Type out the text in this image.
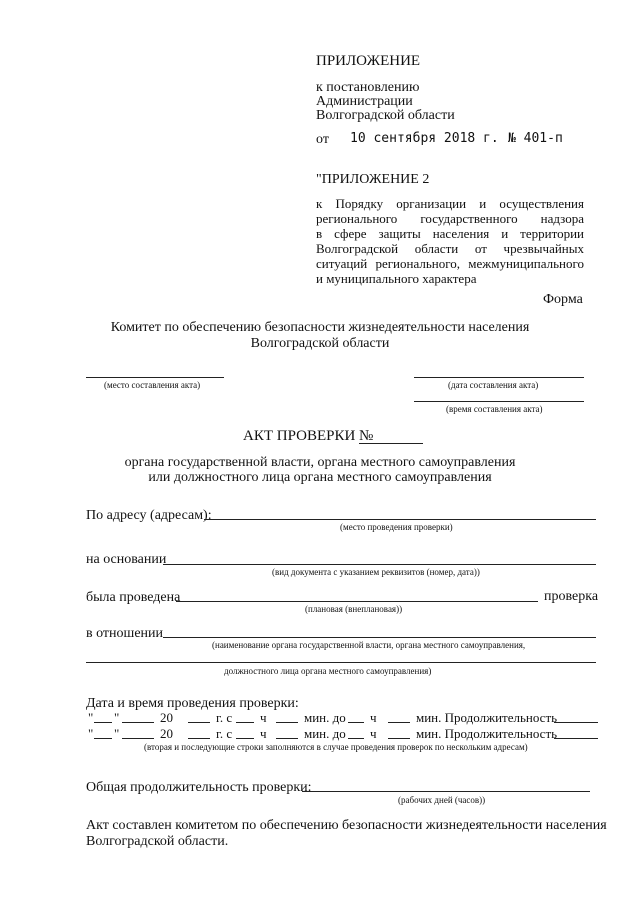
ПРИЛОЖЕНИЕ
к постановлению
Администрации
Волгоградской области
от 10 сентября 2018 г. № 401-п
"ПРИЛОЖЕНИЕ 2
к Порядку организации и осуществления
регионального государственного надзора
в сфере защиты населения и территории
Волгоградской области от чрезвычайных
ситуаций регионального, межмуниципального
и муниципального характера
Форма
Комитет по обеспечению безопасности жизнедеятельности населения
Волгоградской области
(место составления акта)	(дата составления акта)
(время составления акта)
АКТ ПРОВЕРКИ №
органа государственной власти, органа местного самоуправления
или должностного лица органа местного самоуправления
По адресу (адресам):
(место проведения проверки)
на основании
(вид документа с указанием реквизитов (номер, дата))
была проведена	проверка
(плановая (внеплановая))
в отношении
(наименование органа государственной власти, органа местного самоуправления,
должностного лица органа местного самоуправления)
Дата и время проведения проверки:
" "	20	г. с ч	мин. до ч	мин. Продолжительность
" "	20	г. с ч	мин. до ч	мин. Продолжительность
(вторая и последующие строки заполняются в случае проведения проверок по нескольким адресам)
Общая продолжительность проверки:
(рабочих дней (часов))
Акт составлен комитетом по обеспечению безопасности жизнедеятельности населения
Волгоградской области.
